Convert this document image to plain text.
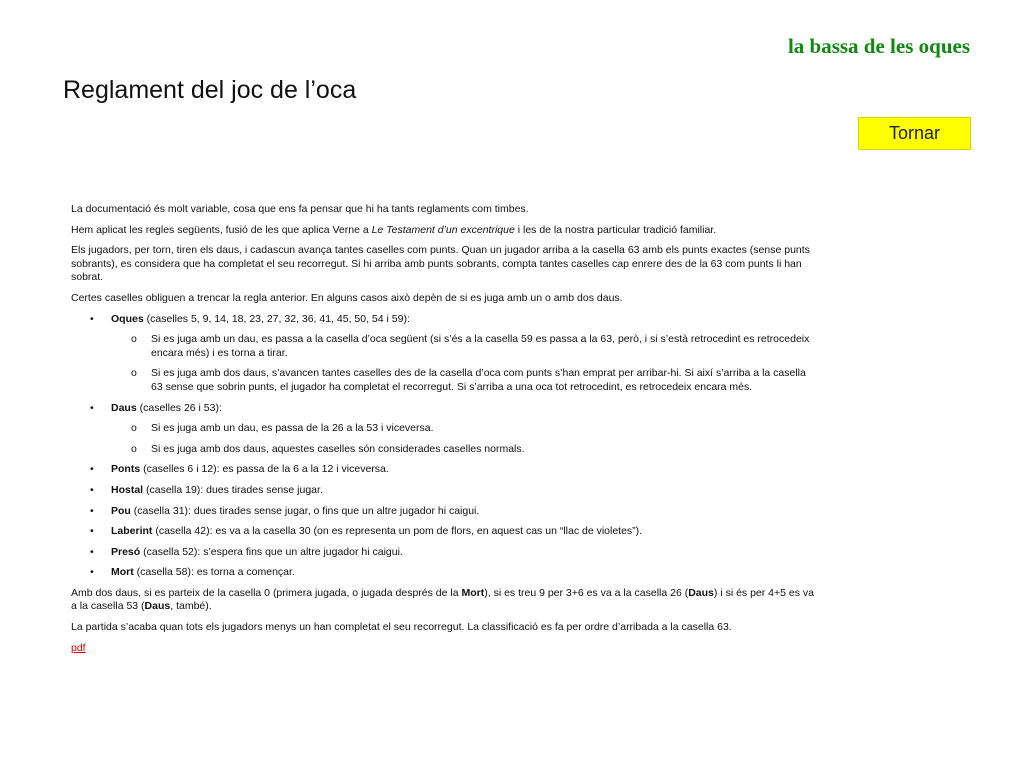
la bassa de les oques
Reglament del joc de l’oca
Tornar

La documentació és molt variable, cosa que ens fa pensar que hi ha tants reglaments com timbes.

Hem aplicat les regles següents, fusió de les que aplica Verne a Le Testament d’un excentrique i les de la nostra particular tradició familiar.

Els jugadors, per torn, tiren els daus, i cadascun avança tantes caselles com punts. Quan un jugador arriba a la casella 63 amb els punts exactes (sense punts sobrants), es considera que ha completat el seu recorregut. Si hi arriba amb punts sobrants, compta tantes caselles cap enrere des de la 63 com punts li han sobrat.

Certes caselles obliguen a trencar la regla anterior. En alguns casos això depèn de si es juga amb un o amb dos daus.

• Oques (caselles 5, 9, 14, 18, 23, 27, 32, 36, 41, 45, 50, 54 i 59):
o Si es juga amb un dau, es passa a la casella d’oca següent (si s’és a la casella 59 es passa a la 63, però, i si s’està retrocedint es retrocedeix encara més) i es torna a tirar.
o Si es juga amb dos daus, s’avancen tantes caselles des de la casella d’oca com punts s’han emprat per arribar-hi. Si així s’arriba a la casella 63 sense que sobrin punts, el jugador ha completat el recorregut. Si s’arriba a una oca tot retrocedint, es retrocedeix encara més.
• Daus (caselles 26 i 53):
o Si es juga amb un dau, es passa de la 26 a la 53 i viceversa.
o Si es juga amb dos daus, aquestes caselles són considerades caselles normals.
• Ponts (caselles 6 i 12): es passa de la 6 a la 12 i viceversa.
• Hostal (casella 19): dues tirades sense jugar.
• Pou (casella 31): dues tirades sense jugar, o fins que un altre jugador hi caigui.
• Laberint (casella 42): es va a la casella 30 (on es representa un pom de flors, en aquest cas un “llac de violetes”).
• Presó (casella 52): s’espera fins que un altre jugador hi caigui.
• Mort (casella 58): es torna a començar.

Amb dos daus, si es parteix de la casella 0 (primera jugada, o jugada després de la Mort), si es treu 9 per 3+6 es va a la casella 26 (Daus) i si és per 4+5 es va a la casella 53 (Daus, també).

La partida s’acaba quan tots els jugadors menys un han completat el seu recorregut. La classificació es fa per ordre d’arribada a la casella 63.

pdf
